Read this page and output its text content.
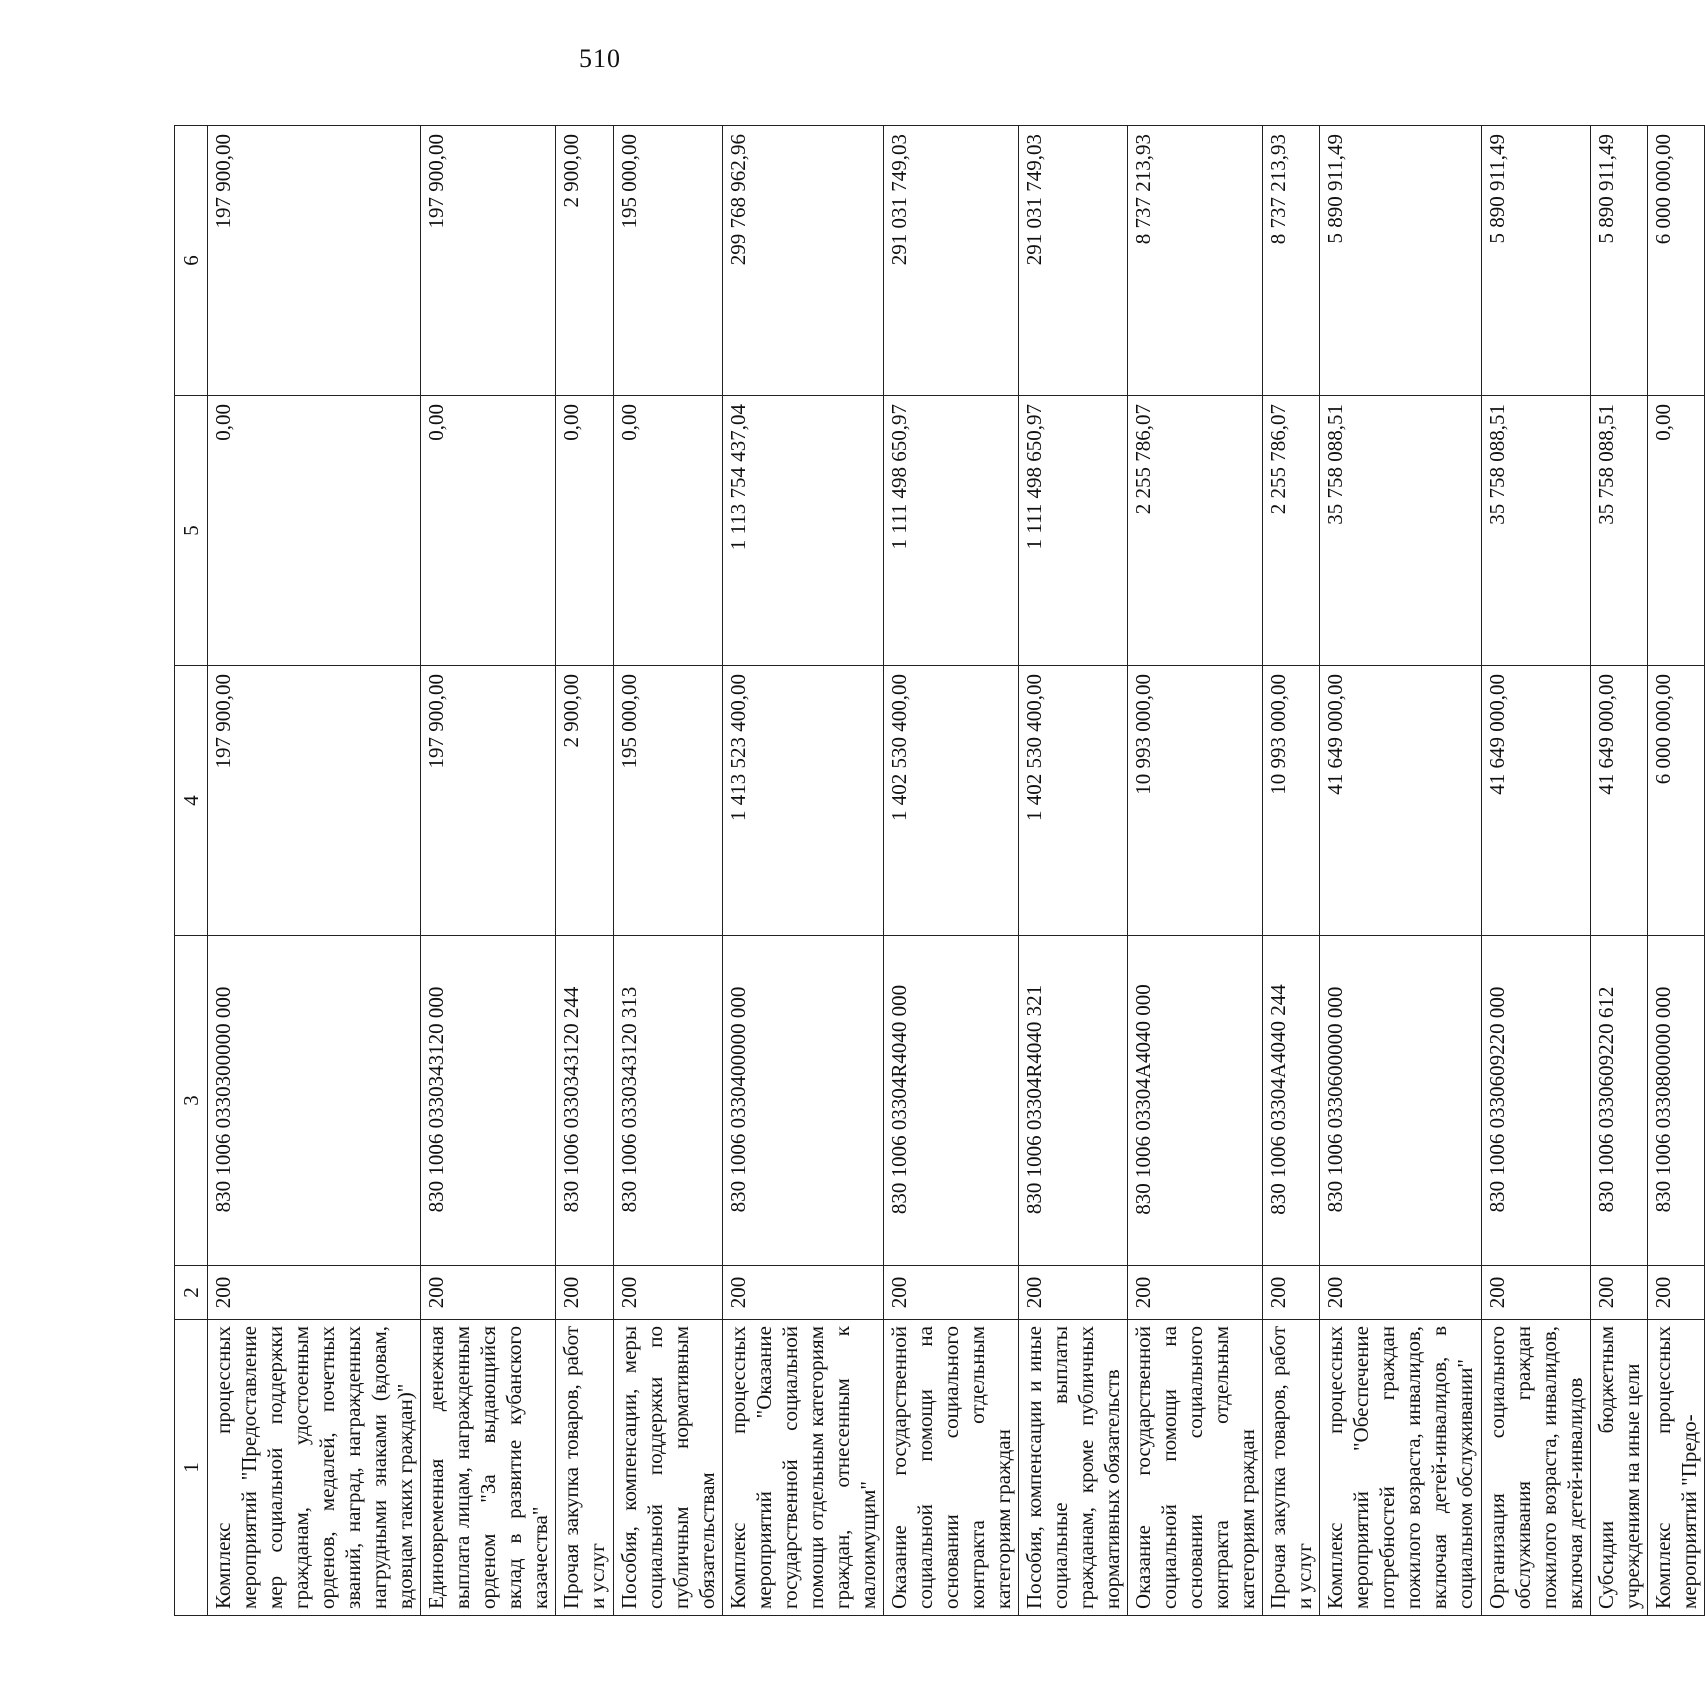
510
1	2	3	4	5	6
Комплекс процессных мероприятий "Предоставление мер социальной поддержки гражданам, удостоенным орденов, медалей, почетных званий, наград, награжденных нагрудными знаками (вдовам, вдовцам таких граждан)"	200	830 1006 0330300000 000	197 900,00	0,00	197 900,00
Единовременная денежная выплата лицам, награжденным орденом "За выдающийся вклад в развитие кубанского казачества"	200	830 1006 0330343120 000	197 900,00	0,00	197 900,00
Прочая закупка товаров, работ и услуг	200	830 1006 0330343120 244	2 900,00	0,00	2 900,00
Пособия, компенсации, меры социальной поддержки по публичным нормативным обязательствам	200	830 1006 0330343120 313	195 000,00	0,00	195 000,00
Комплекс процессных мероприятий "Оказание государственной социальной помощи отдельным категориям граждан, отнесенным к малоимущим"	200	830 1006 0330400000 000	1 413 523 400,00	1 113 754 437,04	299 768 962,96
Оказание государственной социальной помощи на основании социального контракта отдельным категориям граждан	200	830 1006 03304R4040 000	1 402 530 400,00	1 111 498 650,97	291 031 749,03
Пособия, компенсации и иные социальные выплаты гражданам, кроме публичных нормативных обязательств	200	830 1006 03304R4040 321	1 402 530 400,00	1 111 498 650,97	291 031 749,03
Оказание государственной социальной помощи на основании социального контракта отдельным категориям граждан	200	830 1006 03304A4040 000	10 993 000,00	2 255 786,07	8 737 213,93
Прочая закупка товаров, работ и услуг	200	830 1006 03304A4040 244	10 993 000,00	2 255 786,07	8 737 213,93
Комплекс процессных мероприятий "Обеспечение потребностей граждан пожилого возраста, инвалидов, включая детей-инвалидов, в социальном обслуживании"	200	830 1006 0330600000 000	41 649 000,00	35 758 088,51	5 890 911,49
Организация социального обслуживания граждан пожилого возраста, инвалидов, включая детей-инвалидов	200	830 1006 0330609220 000	41 649 000,00	35 758 088,51	5 890 911,49
Субсидии бюджетным учреждениям на иные цели	200	830 1006 0330609220 612	41 649 000,00	35 758 088,51	5 890 911,49
Комплекс процессных мероприятий "Предо-	200	830 1006 0330800000 000	6 000 000,00	0,00	6 000 000,00
